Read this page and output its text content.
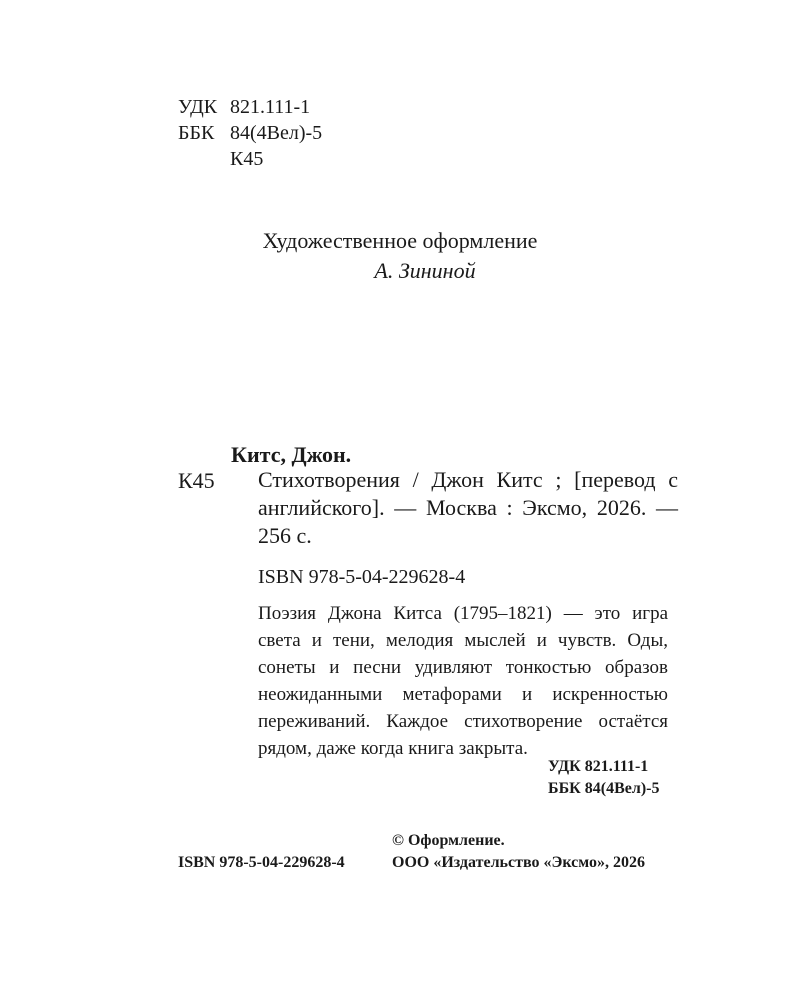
УДК 821.111-1
ББК 84(4Вел)-5
К45
Художественное оформление
А. Зининой
Китс, Джон.
К45 Стихотворения / Джон Китс ; [перевод с английского]. — Москва : Эксмо, 2026. — 256 с.
ISBN 978-5-04-229628-4
Поэзия Джона Китса (1795–1821) — это игра света и тени, мелодия мыслей и чувств. Оды, сонеты и песни удивляют тонкостью образов неожиданными метафорами и искренностью переживаний. Каждое стихотворение остаётся рядом, даже когда книга закрыта.
УДК 821.111-1
ББК 84(4Вел)-5
© Оформление.
ISBN 978-5-04-229628-4	ООО «Издательство «Эксмо», 2026
